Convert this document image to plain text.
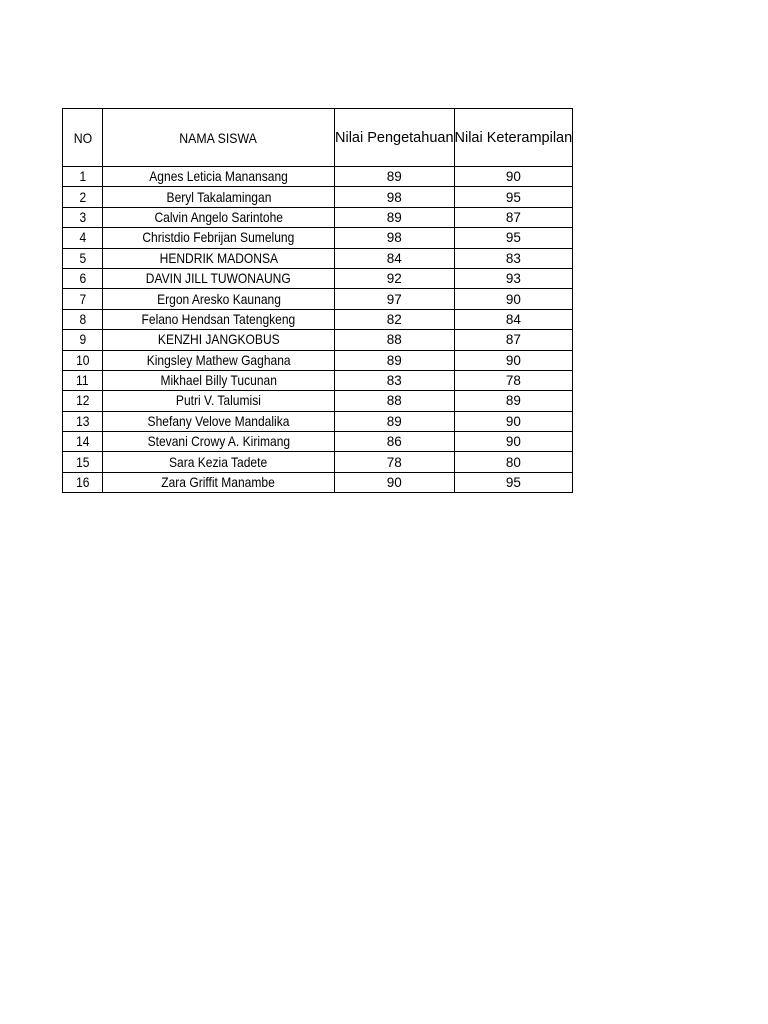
NO	NAMA SISWA	Nilai Pengetahuan	Nilai Keterampilan
1	Agnes Leticia Manansang	89	90
2	Beryl Takalamingan	98	95
3	Calvin Angelo Sarintohe	89	87
4	Christdio Febrijan Sumelung	98	95
5	HENDRIK MADONSA	84	83
6	DAVIN JILL TUWONAUNG	92	93
7	Ergon Aresko Kaunang	97	90
8	Felano Hendsan Tatengkeng	82	84
9	KENZHI JANGKOBUS	88	87
10	Kingsley Mathew Gaghana	89	90
11	Mikhael Billy Tucunan	83	78
12	Putri V. Talumisi	88	89
13	Shefany Velove Mandalika	89	90
14	Stevani Crowy A. Kirimang	86	90
15	Sara Kezia Tadete	78	80
16	Zara Griffit Manambe	90	95
